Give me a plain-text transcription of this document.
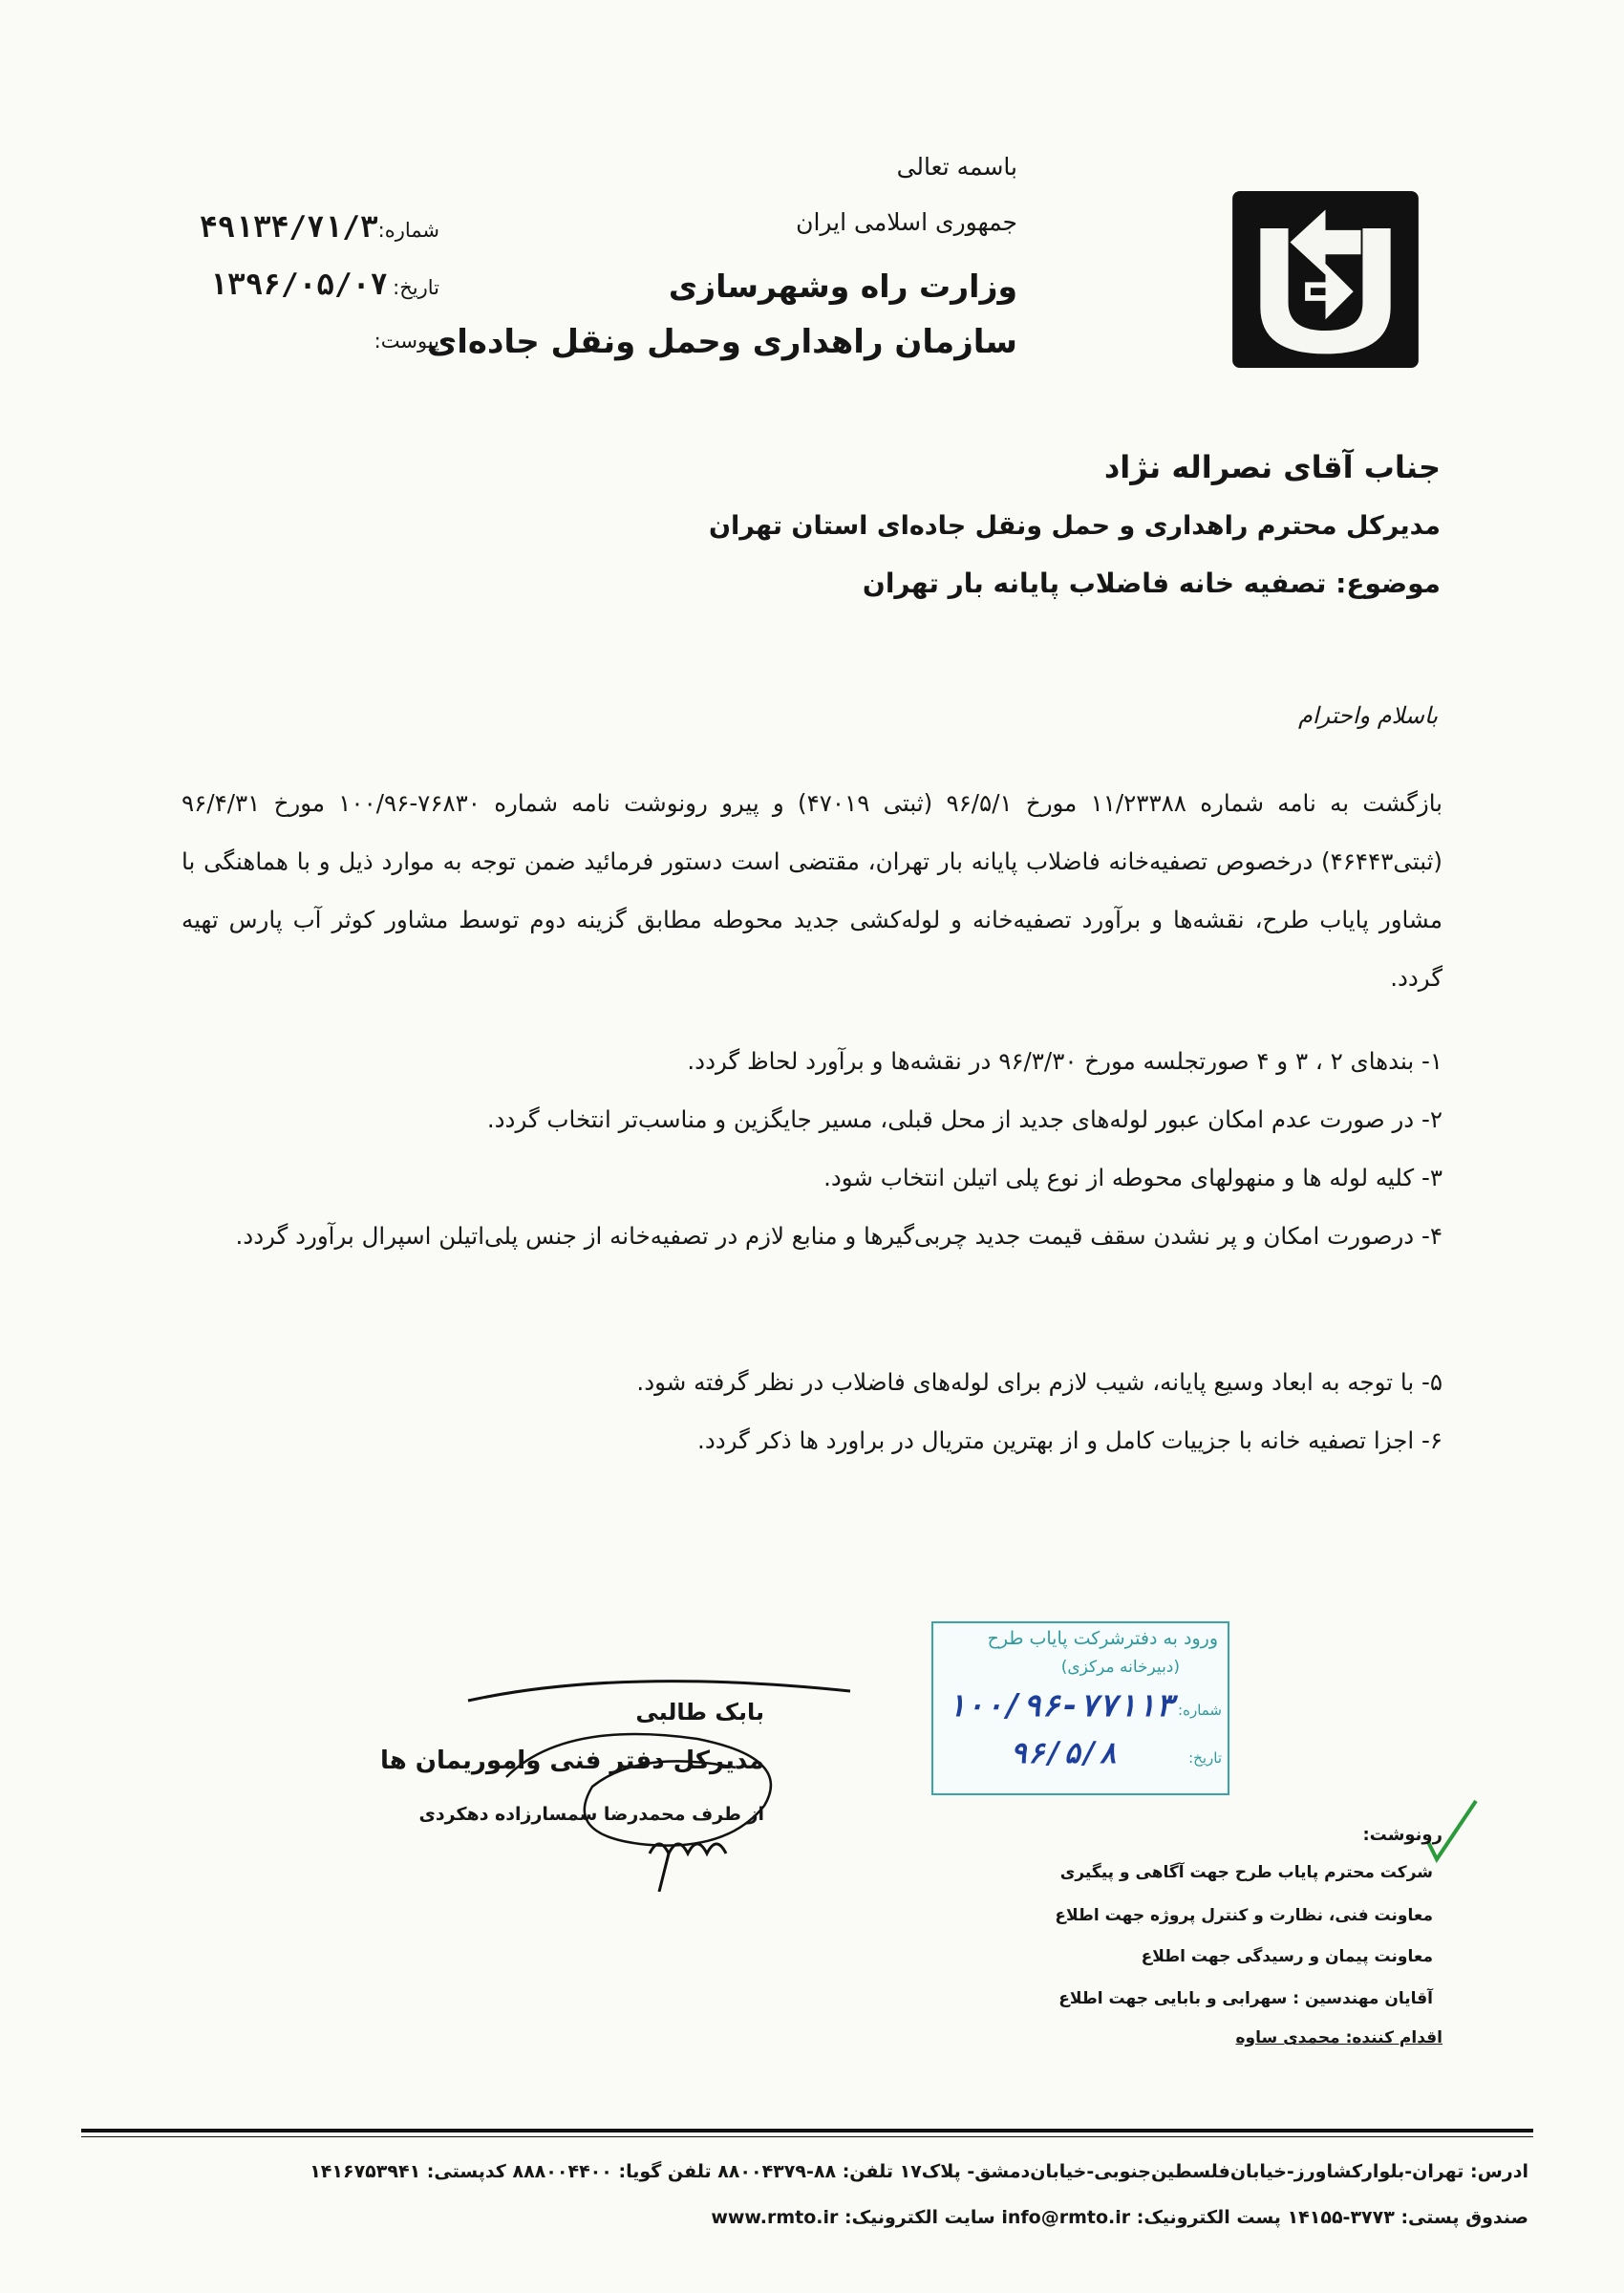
باسمه تعالی
جمهوری اسلامی ایران
وزارت راه وشهرسازی
سازمان راهداری وحمل ونقل جاده‌ای
شماره:۴۹۱۳۴/۷۱/۳
تاریخ: ۱۳۹۶/۰۵/۰۷
پیوست:
جناب آقای نصراله نژاد
مدیرکل محترم راهداری و حمل ونقل جاده‌ای استان تهران
موضوع: تصفیه خانه فاضلاب پایانه بار تهران
باسلام واحترام
بازگشت به نامه شماره ۱۱/۲۳۳۸۸ مورخ ۹۶/۵/۱ (ثبتی ۴۷۰۱۹) و پیرو رونوشت نامه شماره ۷۶۸۳۰-۱۰۰/۹۶ مورخ ۹۶/۴/۳۱ (ثبتی۴۶۴۴۳) درخصوص تصفیه‌خانه فاضلاب پایانه بار تهران، مقتضی است دستور فرمائید ضمن توجه به موارد ذیل و با هماهنگی با مشاور پایاب طرح، نقشه‌ها و برآورد تصفیه‌خانه و لوله‌کشی جدید محوطه مطابق گزینه دوم توسط مشاور کوثر آب پارس تهیه گردد.
۱- بندهای ۲ ، ۳ و ۴ صورتجلسه مورخ ۹۶/۳/۳۰ در نقشه‌ها و برآورد لحاظ گردد.
۲- در صورت عدم امکان عبور لوله‌های جدید از محل قبلی، مسیر جایگزین و مناسب‌تر انتخاب گردد.
۳- کلیه لوله ها و منهولهای محوطه از نوع پلی اتیلن انتخاب شود.
۴- درصورت امکان و پر نشدن سقف قیمت جدید چربی‌گیرها و منابع لازم در تصفیه‌خانه از جنس پلی‌اتیلن اسپرال برآورد گردد.
۵- با توجه به ابعاد وسیع پایانه، شیب لازم برای لوله‌های فاضلاب در نظر گرفته شود.
۶- اجزا تصفیه خانه با جزییات کامل و از بهترین متریال در براورد ها ذکر گردد.
ورود به دفترشرکت پایاب طرح
(دبیرخانه مرکزی)
شماره:
۱۰۰/۹۶-۷۷۱۱۳
تاریخ:
۹۶/۵/۸
بابک طالبی
مدیرکل دفتر فنی واموریمان ها
از طرف محمدرضا سمسارزاده دهکردی
رونوشت:
شرکت محترم پایاب طرح جهت آگاهی و پیگیری
معاونت فنی، نظارت و کنترل پروژه جهت اطلاع
معاونت پیمان و رسیدگی جهت اطلاع
آقایان مهندسین : سهرابی و بابایی جهت اطلاع
اقدام کننده: محمدی ساوه
ادرس: تهران-بلوارکشاورز-خیابان‌فلسطین‌جنوبی-خیابان‌دمشق- پلاک۱۷ تلفن: ۸۸-۸۸۰۰۴۳۷۹ تلفن گویا: ۸۸۸۰۰۴۴۰۰ کدپستی: ۱۴۱۶۷۵۳۹۴۱
صندوق پستی: ۳۷۷۳-۱۴۱۵۵ پست الکترونیک: info@rmto.ir سایت الکترونیک: www.rmto.ir
